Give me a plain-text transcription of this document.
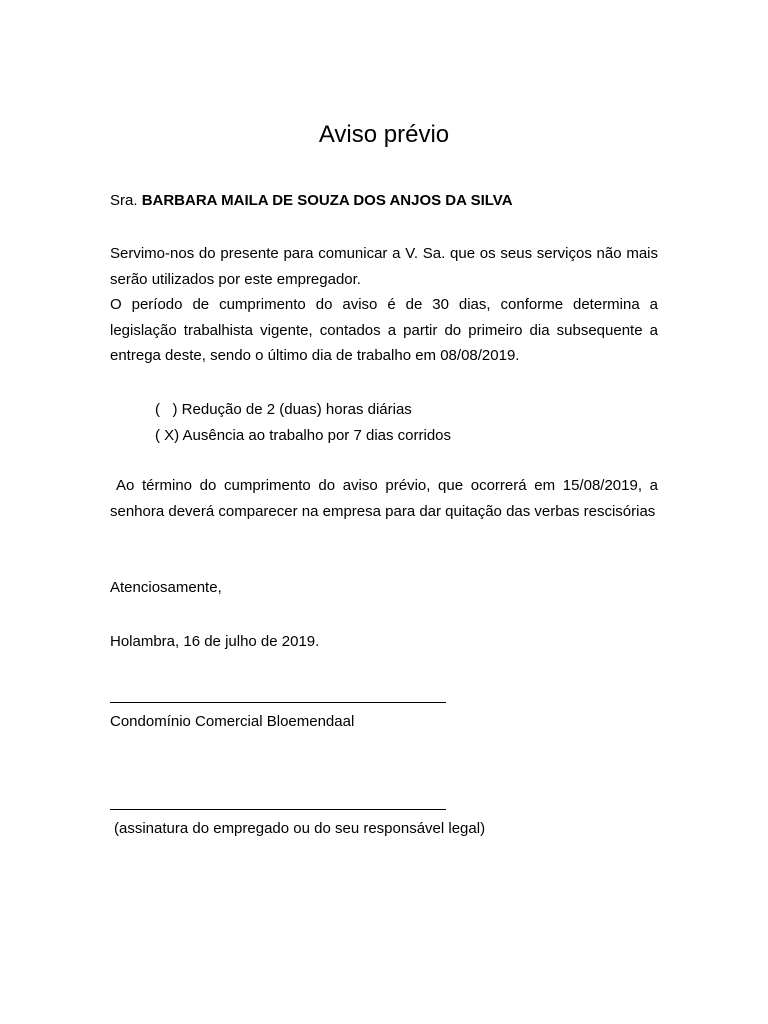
Aviso prévio
Sra. BARBARA MAILA DE SOUZA DOS ANJOS DA SILVA

Servimo-nos do presente para comunicar a V. Sa. que os seus serviços não mais serão utilizados por este empregador.

O período de cumprimento do aviso é de 30 dias, conforme determina a legislação trabalhista vigente, contados a partir do primeiro dia subsequente a entrega deste, sendo o último dia de trabalho em 08/08/2019.

(   ) Redução de 2 (duas) horas diárias
( X) Ausência ao trabalho por 7 dias corridos

Ao término do cumprimento do aviso prévio, que ocorrerá em 15/08/2019, a senhora deverá comparecer na empresa para dar quitação das verbas rescisórias

Atenciosamente,
Holambra, 16 de julho de 2019.
Condomínio Comercial Bloemendaal
(assinatura do empregado ou do seu responsável legal)
